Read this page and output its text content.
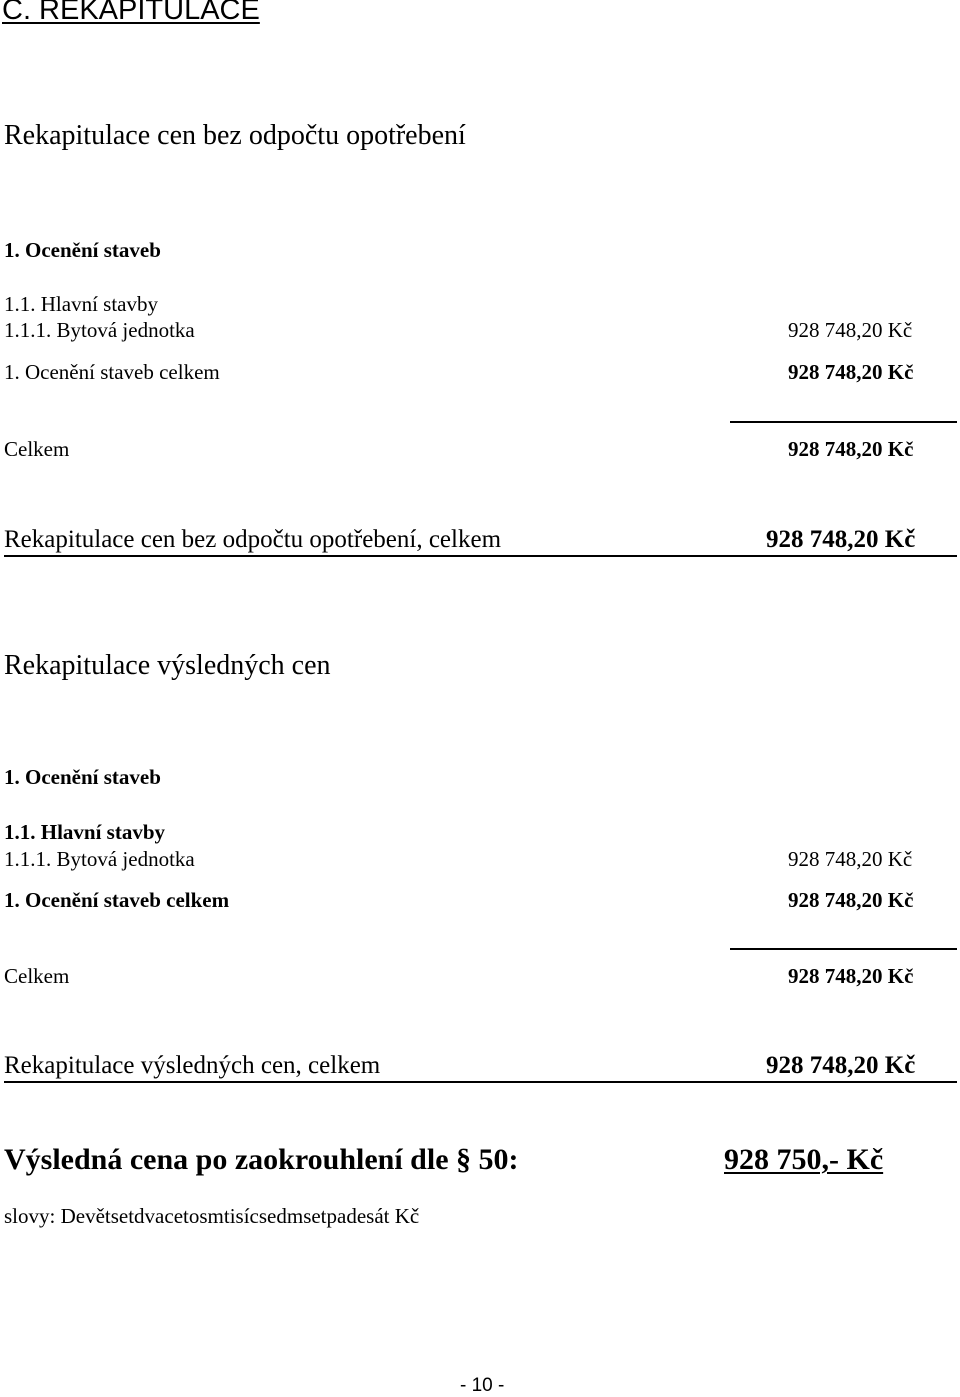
C. REKAPITULACE
Rekapitulace cen bez odpočtu opotřebení
1. Ocenění staveb
1.1. Hlavní stavby
1.1.1. Bytová jednotka	928 748,20 Kč
1. Ocenění staveb celkem	928 748,20 Kč
Celkem	928 748,20 Kč
Rekapitulace cen bez odpočtu opotřebení, celkem	928 748,20 Kč
Rekapitulace výsledných cen
1. Ocenění staveb
1.1. Hlavní stavby
1.1.1. Bytová jednotka	928 748,20 Kč
1. Ocenění staveb celkem	928 748,20 Kč
Celkem	928 748,20 Kč
Rekapitulace výsledných cen, celkem	928 748,20 Kč
Výsledná cena po zaokrouhlení dle § 50:	928 750,- Kč
slovy: Devětsetdvacetosmtisícsedmsetpadesát Kč
- 10 -
